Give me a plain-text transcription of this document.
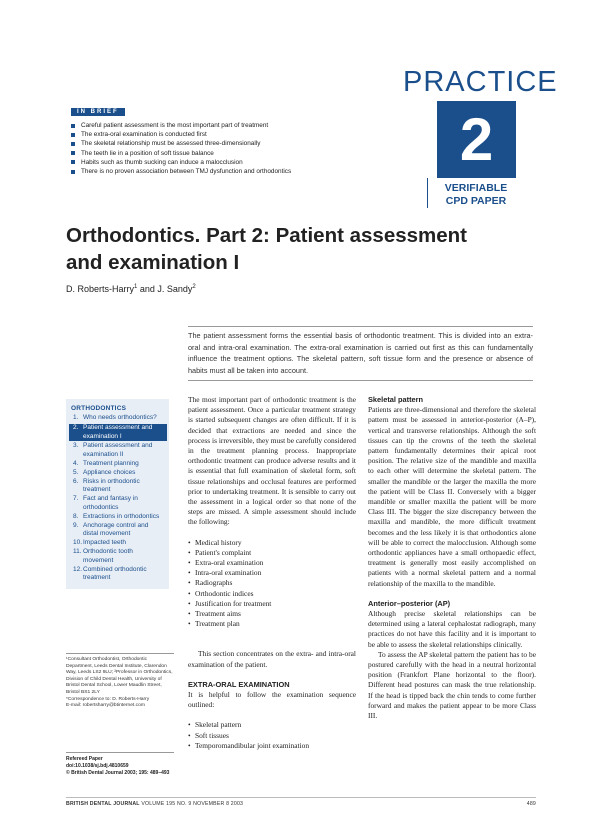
IN BRIEF
Careful patient assessment is the most important part of treatment
The extra-oral examination is conducted first
The skeletal relationship must be assessed three-dimensionally
The teeth lie in a position of soft tissue balance
Habits such as thumb sucking can induce a malocclusion
There is no proven association between TMJ dysfunction and orthodontics
PRACTICE
2
VERIFIABLE
CPD PAPER
Orthodontics. Part 2: Patient assessment and examination I
D. Roberts-Harry$^1$ and J. Sandy$^2$

The patient assessment forms the essential basis of orthodontic treatment. This is divided into an extra-oral and intra-oral examination. The extra-oral examination is carried out first as this can fundamentally influence the treatment options. The skeletal pattern, soft tissue form and the presence or absence of habits must all be taken into account.

ORTHODONTICS
1. Who needs orthodontics?
2. Patient assessment and examination I
3. Patient assessment and examination II
4. Treatment planning
5. Appliance choices
6. Risks in orthodontic treatment
7. Fact and fantasy in orthodontics
8. Extractions in orthodontics
9. Anchorage control and distal movement
10. Impacted teeth
11. Orthodontic tooth movement
12. Combined orthodontic treatment

¹Consultant Orthodontist, Orthodontic Department, Leeds Dental Institute, Clarendon Way, Leeds LS2 9LU; ²Professor in Orthodontics, Division of Child Dental Health, University of Bristol Dental School, Lower Maudlin Street, Bristol BS1 2LY

*Correspondence to: D. Roberts-Harry

E-mail: robertsharry@btinternet.com

Refereed Paper
doi:10.1038/sj.bdj.4810659
© British Dental Journal 2003; 195: 489–493

The most important part of orthodontic treatment is the patient assessment. Once a particular treatment strategy is started subsequent changes are often difficult. If it is decided that extractions are needed and since the process is irreversible, they must be carefully considered in the treatment planning process. Inappropriate orthodontic treatment can produce adverse results and it is essential that full examination of skeletal form, soft tissue relationships and occlusal features are performed prior to undertaking treatment. It is sensible to carry out the assessment in a logical order so that none of the steps are missed. A simple assessment should include the following:

• Medical history
• Patient's complaint
• Extra-oral examination
• Intra-oral examination
• Radiographs
• Orthodontic indices
• Justification for treatment
• Treatment aims
• Treatment plan

This section concentrates on the extra- and intra-oral examination of the patient.

EXTRA-ORAL EXAMINATION

It is helpful to follow the examination sequence outlined:

• Skeletal pattern
• Soft tissues
• Temporomandibular joint examination
Skeletal pattern

Patients are three-dimensional and therefore the skeletal pattern must be assessed in anterior-posterior (A–P), vertical and transverse relationships. Although the soft tissues can tip the crowns of the teeth the skeletal pattern fundamentally determines their apical root position. The relative size of the mandible and maxilla to each other will determine the skeletal pattern. The smaller the mandible or the larger the maxilla the more the patient will be Class II. Conversely with a bigger mandible or smaller maxilla the patient will be more Class III. The bigger the size discrepancy between the maxilla and mandible, the more difficult treatment becomes and the less likely it is that orthodontics alone will be able to correct the malocclusion. Although some orthodontic appliances have a small orthopaedic effect, treatment is generally most easily accomplished on patients with a normal skeletal pattern and a normal relationship of the maxilla to the mandible.

Anterior–posterior (AP)

Although precise skeletal relationships can be determined using a lateral cephalostat radiograph, many practices do not have this facility and it is important to be able to assess the skeletal relationships clinically.

To assess the AP skeletal pattern the patient has to be postured carefully with the head in a neutral horizontal position (Frankfort Plane horizontal to the floor). Different head postures can mask the true relationship. If the head is tipped back the chin tends to come further forward and makes the patient appear to be more Class III.

BRITISH DENTAL JOURNAL VOLUME 195 NO. 9 NOVEMBER 8 2003	489
